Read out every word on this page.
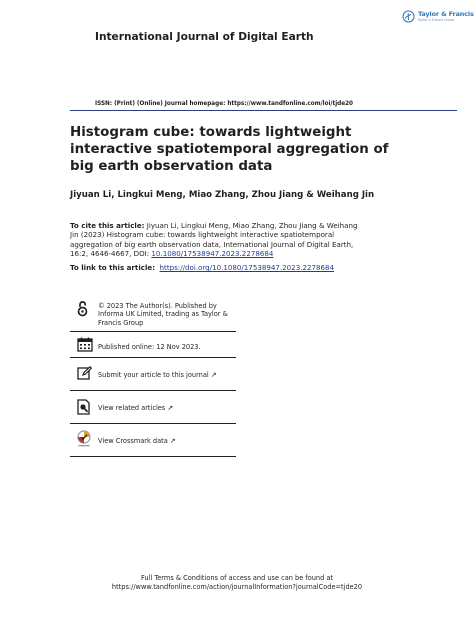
Taylor & Francis
Taylor & Francis Group
International Journal of Digital Earth
ISSN: (Print) (Online) Journal homepage: https://www.tandfonline.com/loi/tjde20
Histogram cube: towards lightweight interactive spatiotemporal aggregation of big earth observation data
Jiyuan Li, Lingkui Meng, Miao Zhang, Zhou Jiang & Weihang Jin
To cite this article: Jiyuan Li, Lingkui Meng, Miao Zhang, Zhou Jiang & Weihang Jin (2023) Histogram cube: towards lightweight interactive spatiotemporal aggregation of big earth observation data, International Journal of Digital Earth, 16:2, 4646-4667, DOI: 10.1080/17538947.2023.2278684
To link to this article: https://doi.org/10.1080/17538947.2023.2278684
© 2023 The Author(s). Published by Informa UK Limited, trading as Taylor & Francis Group
Published online: 12 Nov 2023.
Submit your article to this journal ↗
View related articles ↗
View Crossmark data ↗
Full Terms & Conditions of access and use can be found at
https://www.tandfonline.com/action/journalInformation?journalCode=tjde20
